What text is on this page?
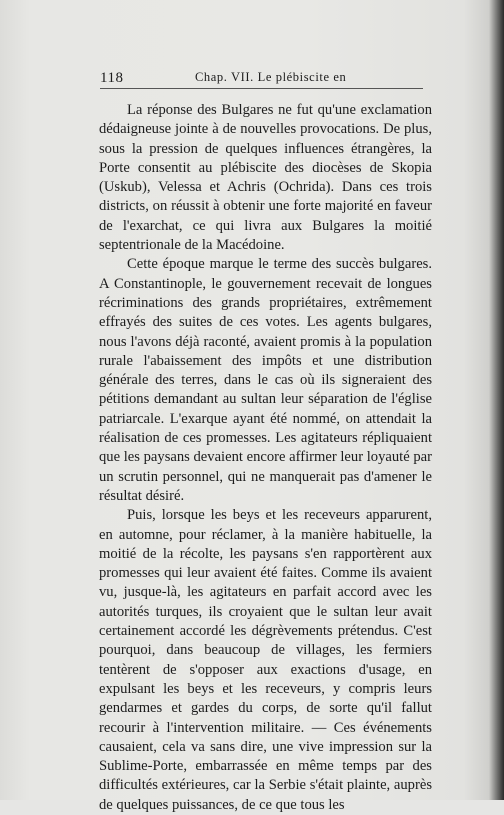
118	Chap. VII. Le plébiscite en

La réponse des Bulgares ne fut qu'une exclamation dédaigneuse jointe à de nouvelles provocations. De plus, sous la pression de quelques influences étrangères, la Porte consentit au plébiscite des diocèses de Skopia (Uskub), Velessa et Achris (Ochrida). Dans ces trois districts, on réussit à obtenir une forte majorité en faveur de l'exarchat, ce qui livra aux Bulgares la moitié septentrionale de la Macédoine.

Cette époque marque le terme des succès bulgares. A Constantinople, le gouvernement recevait de longues récriminations des grands propriétaires, extrêmement effrayés des suites de ces votes. Les agents bulgares, nous l'avons déjà raconté, avaient promis à la population rurale l'abaissement des impôts et une distribution générale des terres, dans le cas où ils signeraient des pétitions demandant au sultan leur séparation de l'église patriarcale. L'exarque ayant été nommé, on attendait la réalisation de ces promesses. Les agitateurs répliquaient que les paysans devaient encore affirmer leur loyauté par un scrutin personnel, qui ne manquerait pas d'amener le résultat désiré.

Puis, lorsque les beys et les receveurs apparurent, en automne, pour réclamer, à la manière habituelle, la moitié de la récolte, les paysans s'en rapportèrent aux promesses qui leur avaient été faites. Comme ils avaient vu, jusque-là, les agitateurs en parfait accord avec les autorités turques, ils croyaient que le sultan leur avait certainement accordé les dégrèvements prétendus. C'est pourquoi, dans beaucoup de villages, les fermiers tentèrent de s'opposer aux exactions d'usage, en expulsant les beys et les receveurs, y compris leurs gendarmes et gardes du corps, de sorte qu'il fallut recourir à l'intervention militaire. — Ces événements causaient, cela va sans dire, une vive impression sur la Sublime-Porte, embarrassée en même temps par des difficultés extérieures, car la Serbie s'était plainte, auprès de quelques puissances, de ce que tous les
